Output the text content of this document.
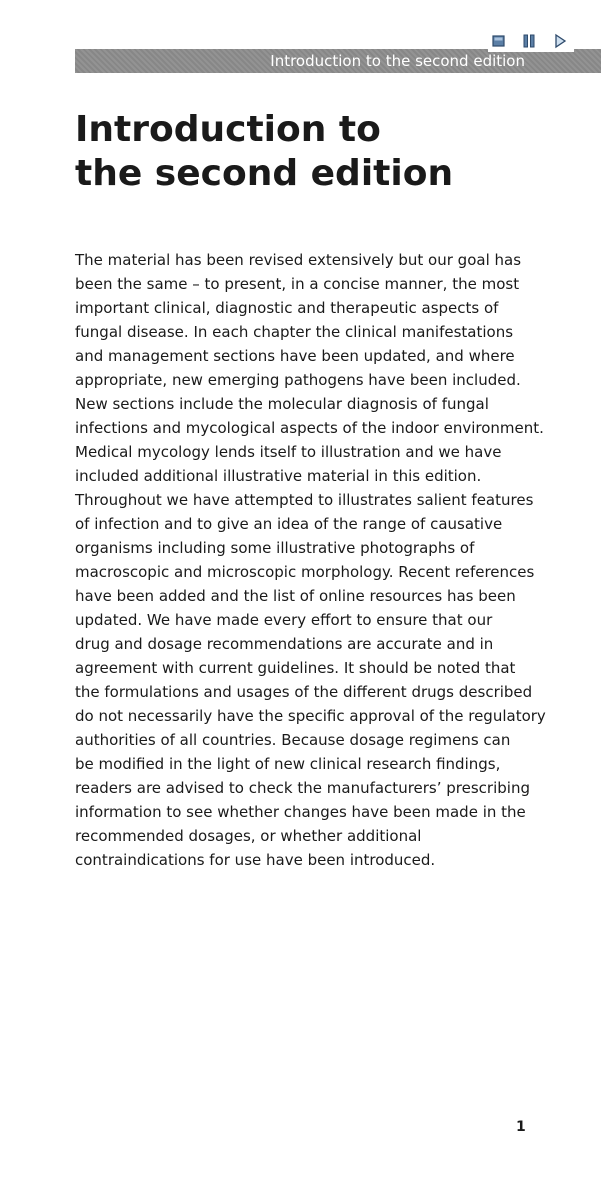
Introduction to the second edition
Introduction to
the second edition

The material has been revised extensively but our goal has
been the same – to present, in a concise manner, the most
important clinical, diagnostic and therapeutic aspects of
fungal disease. In each chapter the clinical manifestations
and management sections have been updated, and where
appropriate, new emerging pathogens have been included.
New sections include the molecular diagnosis of fungal
infections and mycological aspects of the indoor environment.
Medical mycology lends itself to illustration and we have
included additional illustrative material in this edition.
Throughout we have attempted to illustrates salient features
of infection and to give an idea of the range of causative
organisms including some illustrative photographs of
macroscopic and microscopic morphology. Recent references
have been added and the list of online resources has been
updated. We have made every effort to ensure that our
drug and dosage recommendations are accurate and in
agreement with current guidelines. It should be noted that
the formulations and usages of the different drugs described
do not necessarily have the specific approval of the regulatory
authorities of all countries. Because dosage regimens can
be modified in the light of new clinical research findings,
readers are advised to check the manufacturers’ prescribing
information to see whether changes have been made in the
recommended dosages, or whether additional
contraindications for use have been introduced.

1
